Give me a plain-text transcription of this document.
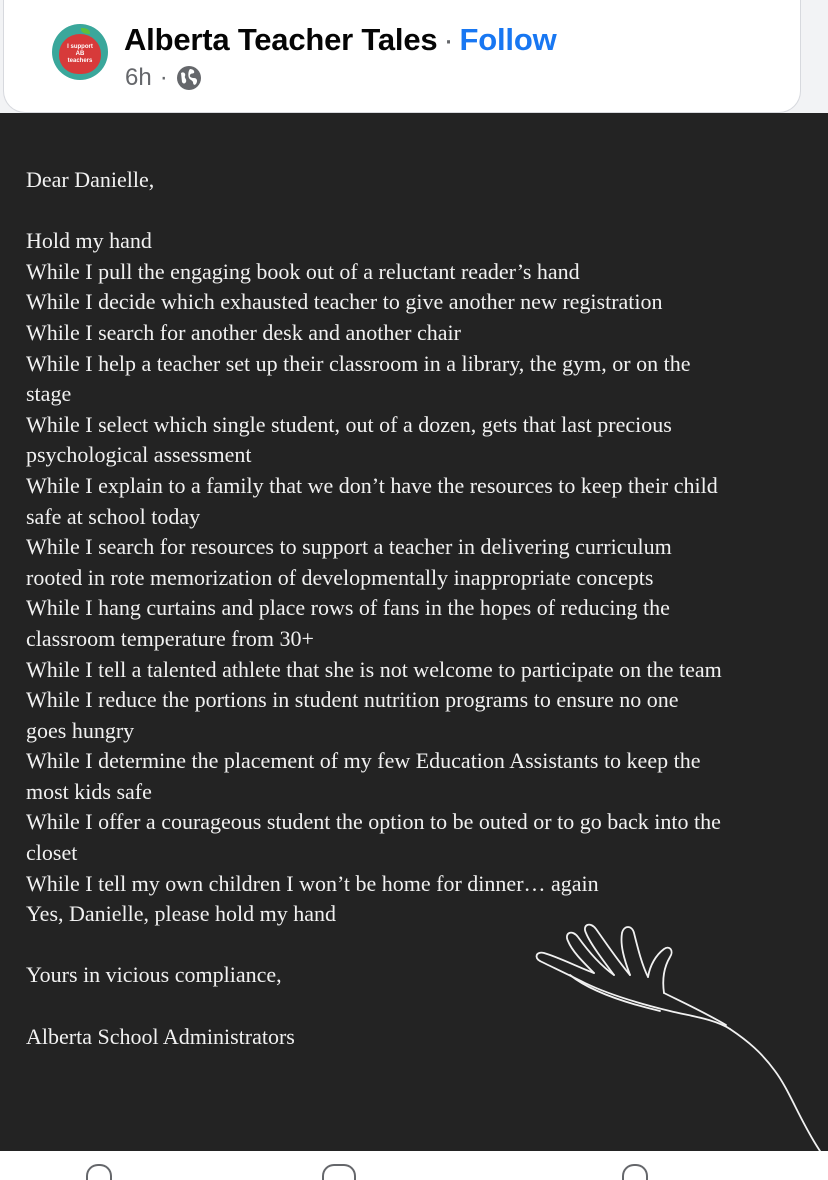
I support
AB
teachers
Alberta Teacher Tales · Follow
6h ·
Dear Danielle,
Hold my hand
While I pull the engaging book out of a reluctant reader’s hand
While I decide which exhausted teacher to give another new registration
While I search for another desk and another chair
While I help a teacher set up their classroom in a library, the gym, or on the
stage
While I select which single student, out of a dozen, gets that last precious
psychological assessment
While I explain to a family that we don’t have the resources to keep their child
safe at school today
While I search for resources to support a teacher in delivering curriculum
rooted in rote memorization of developmentally inappropriate concepts
While I hang curtains and place rows of fans in the hopes of reducing the
classroom temperature from 30+
While I tell a talented athlete that she is not welcome to participate on the team
While I reduce the portions in student nutrition programs to ensure no one
goes hungry
While I determine the placement of my few Education Assistants to keep the
most kids safe
While I offer a courageous student the option to be outed or to go back into the
closet
While I tell my own children I won’t be home for dinner… again
Yes, Danielle, please hold my hand
Yours in vicious compliance,
Alberta School Administrators
